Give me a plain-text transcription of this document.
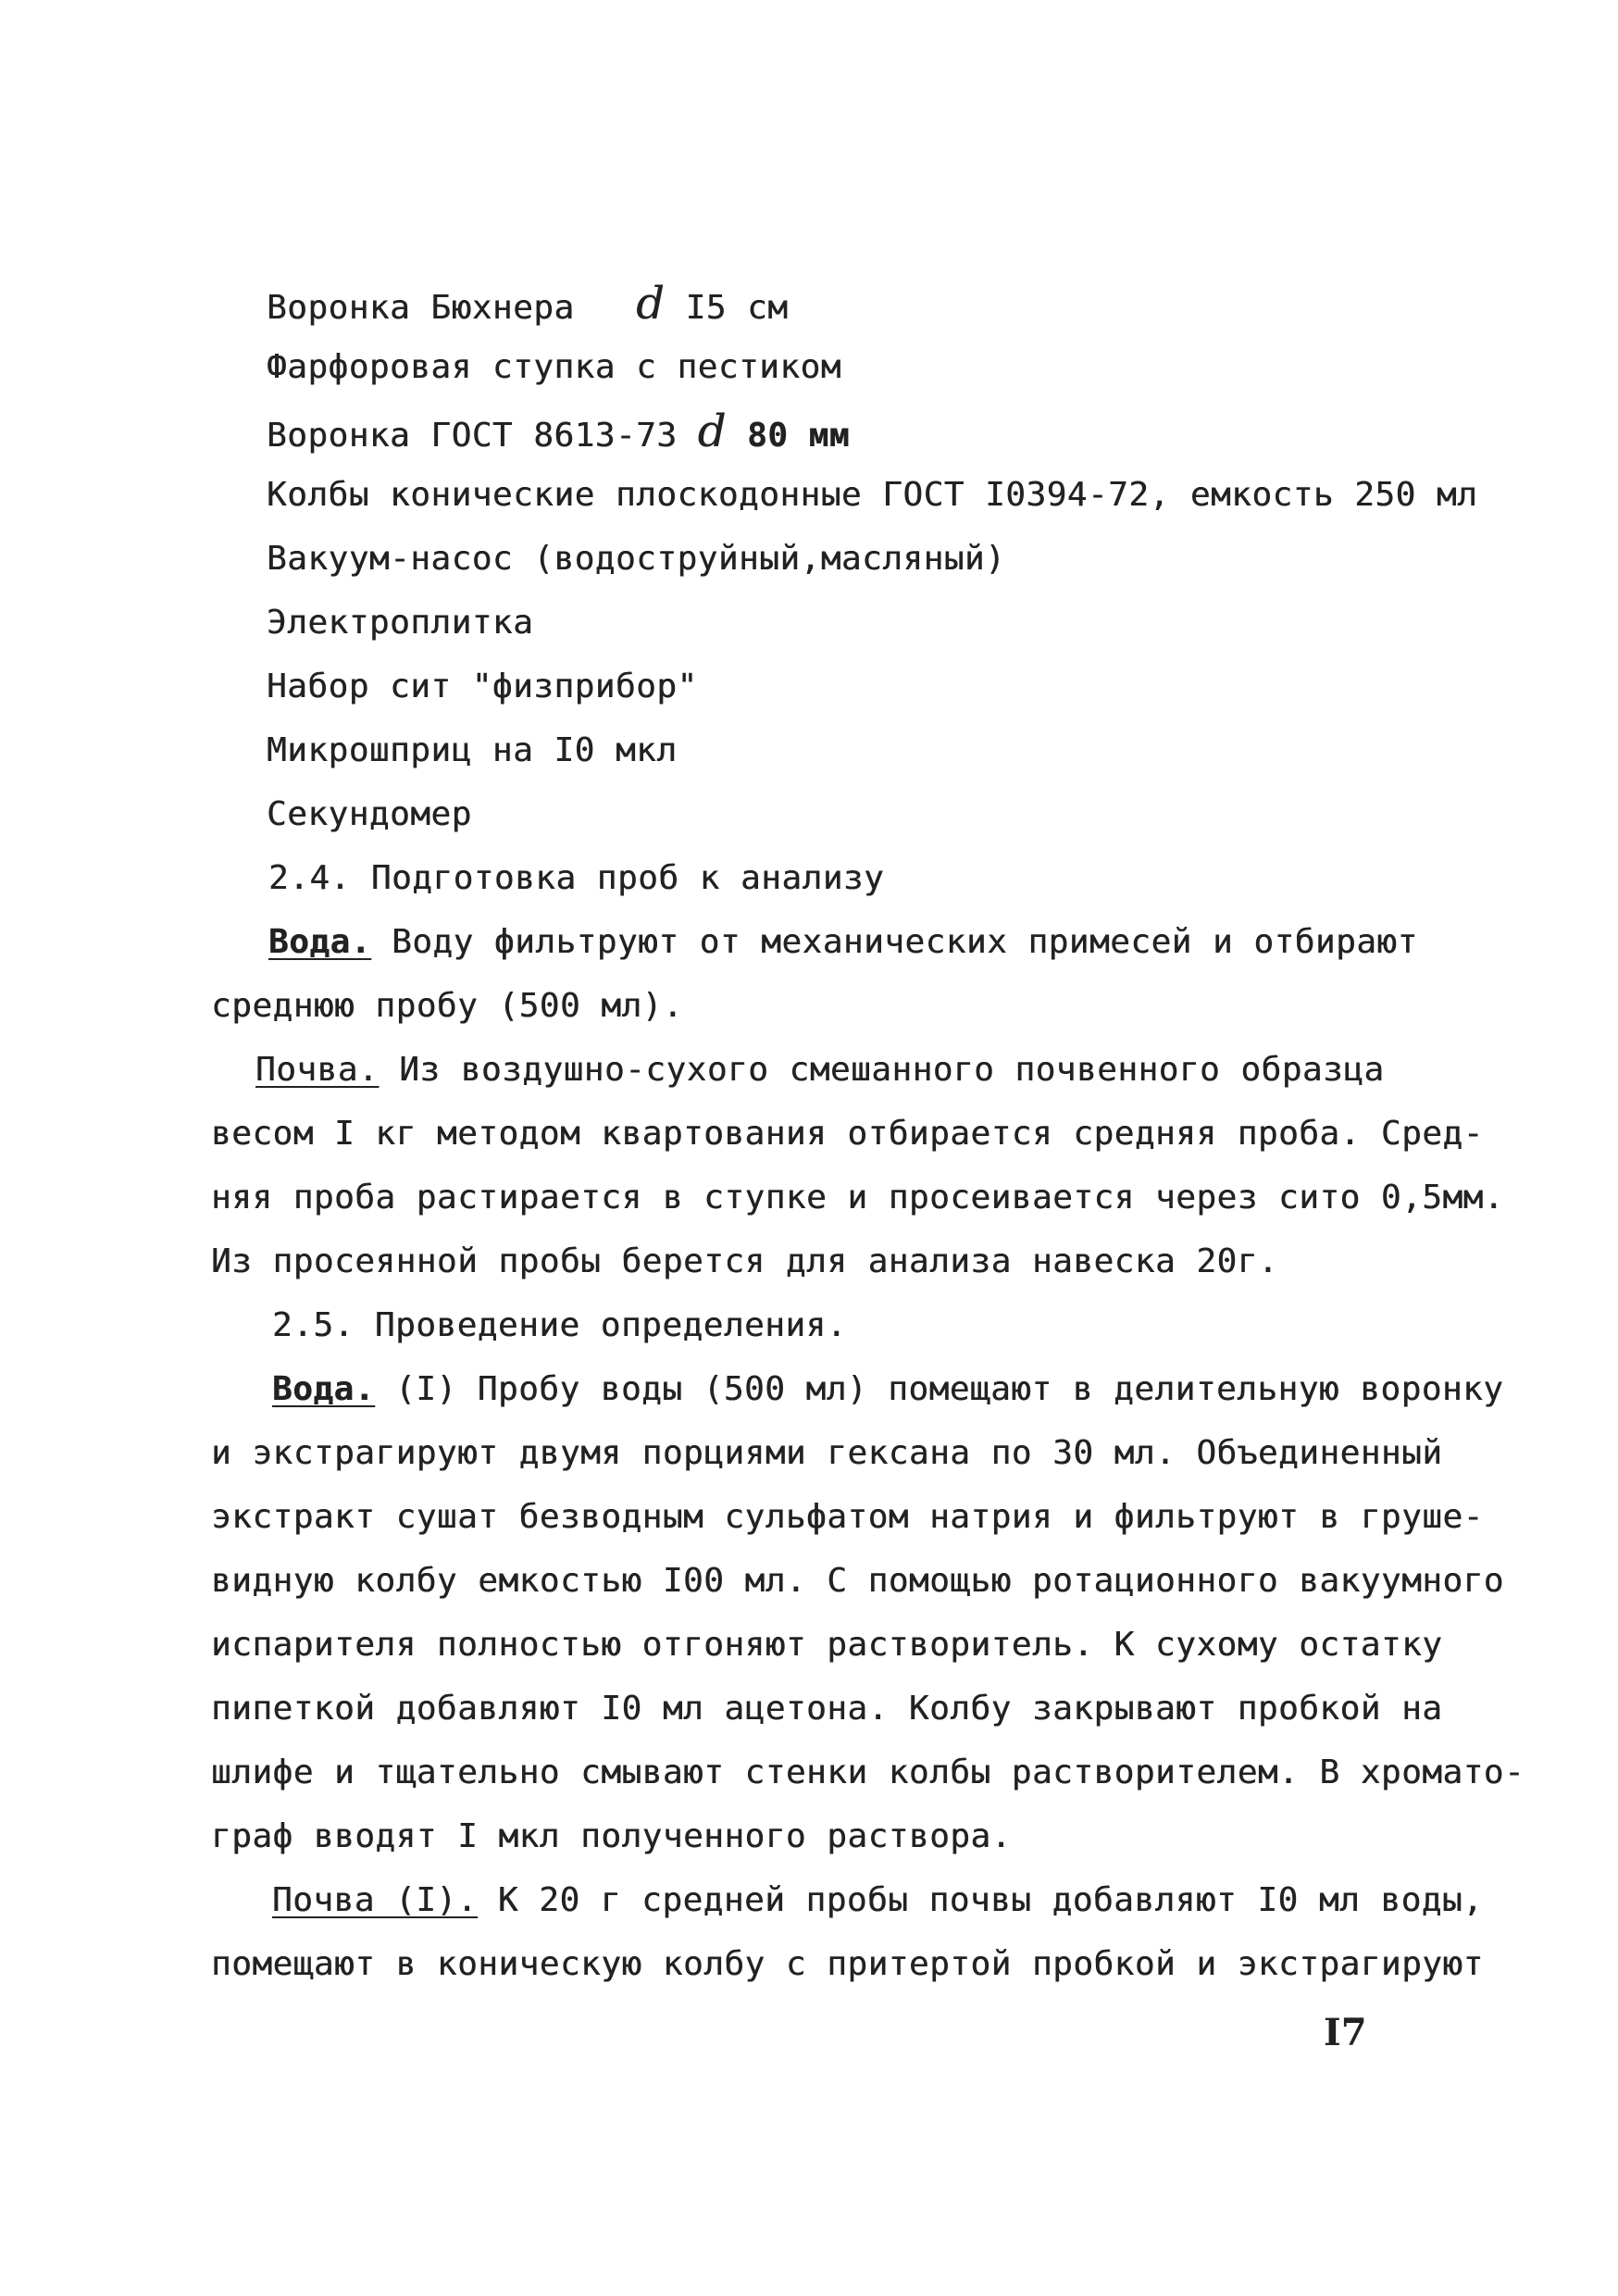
Воронка Бюхнера d I5 см
Фарфоровая ступка с пестиком
Воронка ГОСТ 8613-73 d 80 мм
Колбы конические плоскодонные ГОСТ I0394-72, емкость 250 мл
Вакуум-насос (водоструйный,масляный)
Электроплитка
Набор сит "физприбор"
Микрошприц на I0 мкл
Секундомер
2.4. Подготовка проб к анализу
Вода. Воду фильтруют от механических примесей и отбирают
среднюю пробу (500 мл).
Почва. Из воздушно-сухого смешанного почвенного образца
весом I кг методом квартования отбирается средняя проба. Сред-
няя проба растирается в ступке и просеивается через сито 0,5мм.
Из просеянной пробы берется для анализа навеска 20г.
2.5. Проведение определения.
Вода. (I) Пробу воды (500 мл) помещают в делительную воронку
и экстрагируют двумя порциями гексана по 30 мл. Объединенный
экстракт сушат безводным сульфатом натрия и фильтруют в груше-
видную колбу емкостью I00 мл. С помощью ротационного вакуумного
испарителя полностью отгоняют растворитель. К сухому остатку
пипеткой добавляют I0 мл ацетона. Колбу закрывают пробкой на
шлифе и тщательно смывают стенки колбы растворителем. В хромато-
граф вводят I мкл полученного раствора.
Почва (I). К 20 г средней пробы почвы добавляют I0 мл воды,
помещают в коническую колбу с притертой пробкой и экстрагируют
I7
